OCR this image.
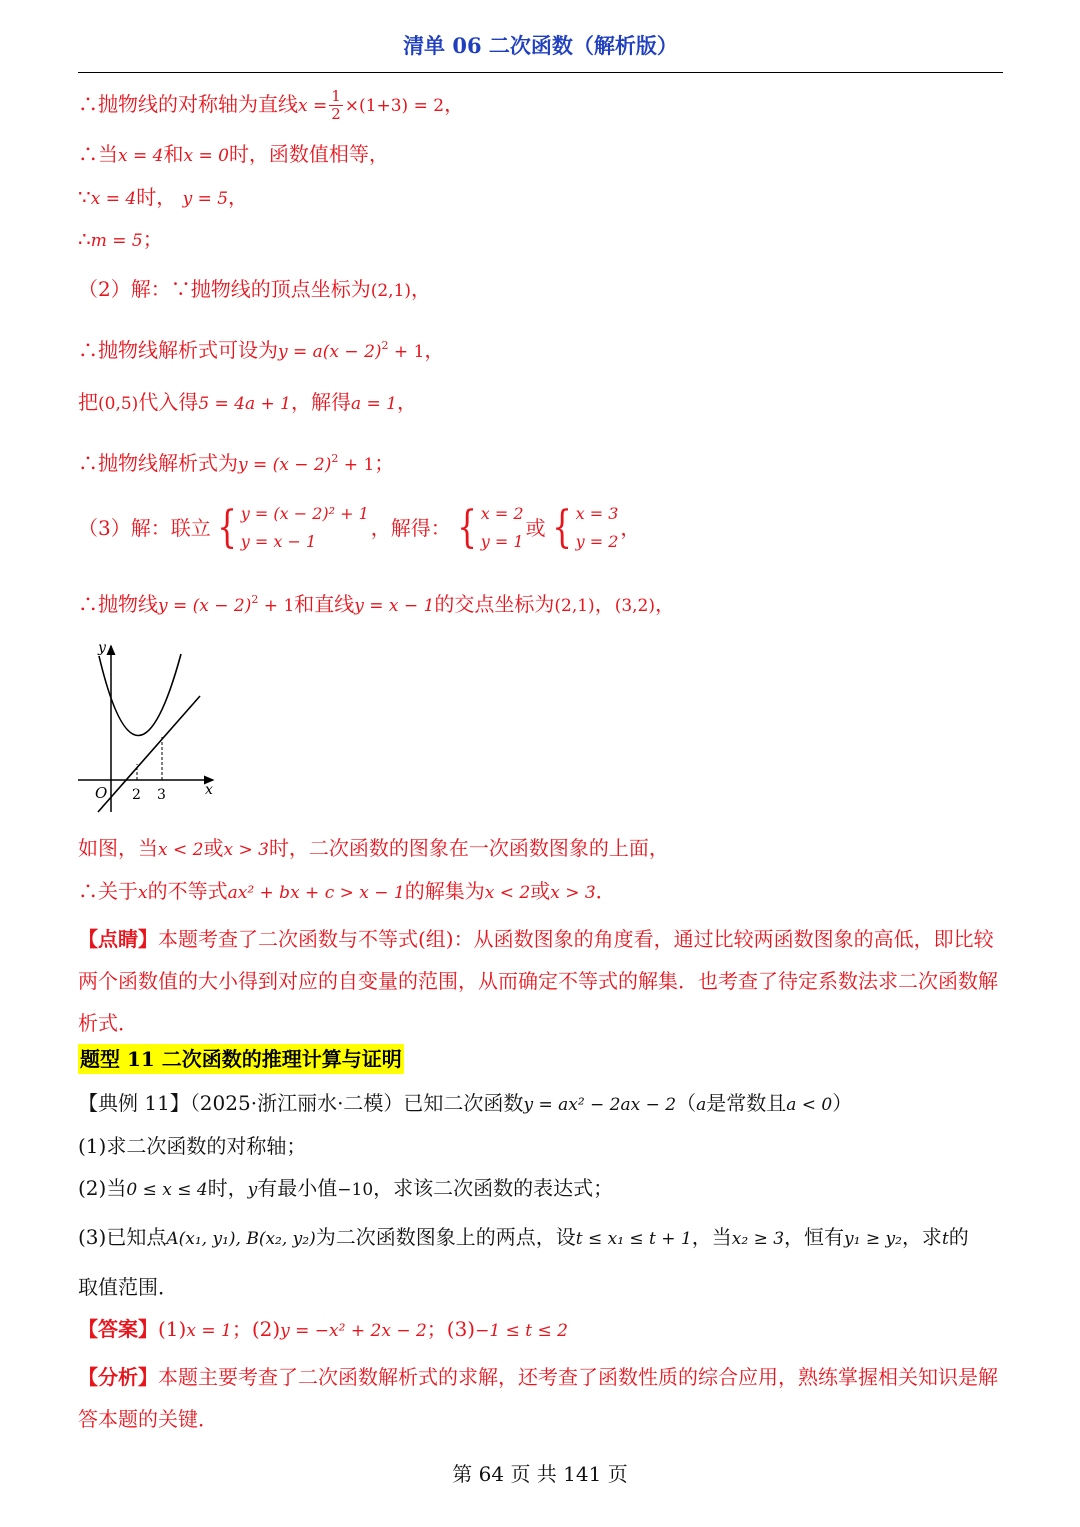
清单 06 二次函数（解析版）
∴抛物线的对称轴为直线$x = \frac{1}{2} \times(1+3) = 2$，
∴当x = 4和x = 0时，函数值相等，
∵x = 4时， y = 5，
∴m = 5；
（2）解：∵抛物线的顶点坐标为(2,1)，
∴抛物线解析式可设为$y = a(x - 2)^2 + 1$，
把(0,5)代入得5 = 4a + 1，解得a = 1，
∴抛物线解析式为$y = (x - 2)^2 + 1$；
（3）解：联立 { y = (x − 2)² + 1
y = x − 1
，解得： { x = 2
y = 1
或 { x = 3
y = 2
，
∴抛物线$y = (x - 2)^2 + 1$和直线y = x − 1的交点坐标为(2,1)，(3,2)，
如图，当x < 2或x > 3时，二次函数的图象在一次函数图象的上面，
∴关于x的不等式ax² + bx + c > x − 1的解集为x < 2或x > 3．
【点睛】本题考查了二次函数与不等式(组)：从函数图象的角度看，通过比较两函数图象的高低，即比较两个函数值的大小得到对应的自变量的范围，从而确定不等式的解集．也考查了待定系数法求二次函数解析式．
题型 11 二次函数的推理计算与证明
【典例 11】（2025·浙江丽水·二模）已知二次函数y = ax² − 2ax − 2（a是常数且a < 0）
(1)求二次函数的对称轴；
(2)当0 ≤ x ≤ 4时，y有最小值−10，求该二次函数的表达式；
(3)已知点A(x₁, y₁), B(x₂, y₂)为二次函数图象上的两点，设t ≤ x₁ ≤ t + 1，当x₂ ≥ 3，恒有y₁ ≥ y₂，求t的
取值范围．
【答案】(1)x = 1；(2)y = −x² + 2x − 2；(3)−1 ≤ t ≤ 2
【分析】本题主要考查了二次函数解析式的求解，还考查了函数性质的综合应用，熟练掌握相关知识是解答本题的关键．
y
x
O 2 3
第 64 页 共 141 页
